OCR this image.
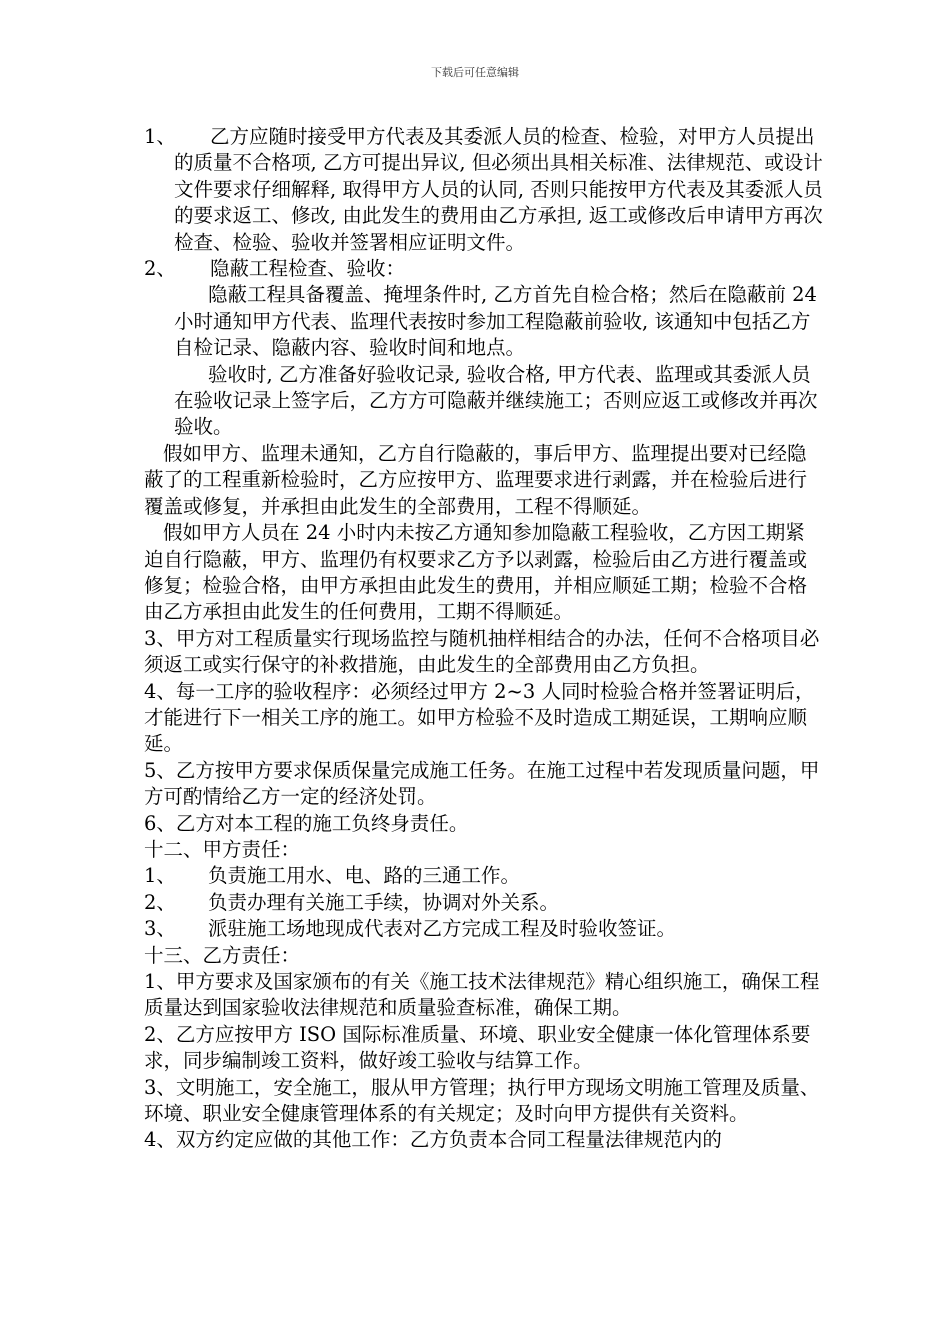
下载后可任意编辑

1、 乙方应随时接受甲方代表及其委派人员的检查、检验，对甲方人员提出的质量不合格项, 乙方可提出异议, 但必须出具相关标准、法律规范、或设计文件要求仔细解释, 取得甲方人员的认同, 否则只能按甲方代表及其委派人员的要求返工、修改, 由此发生的费用由乙方承担, 返工或修改后申请甲方再次检查、检验、验收并签署相应证明文件。

2、 隐蔽工程检查、验收：

隐蔽工程具备覆盖、掩埋条件时, 乙方首先自检合格；然后在隐蔽前 24 小时通知甲方代表、监理代表按时参加工程隐蔽前验收, 该通知中包括乙方自检记录、隐蔽内容、验收时间和地点。

验收时, 乙方准备好验收记录, 验收合格, 甲方代表、监理或其委派人员在验收记录上签字后，乙方方可隐蔽并继续施工；否则应返工或修改并再次验收。

假如甲方、监理未通知，乙方自行隐蔽的，事后甲方、监理提出要对已经隐蔽了的工程重新检验时，乙方应按甲方、监理要求进行剥露，并在检验后进行覆盖或修复，并承担由此发生的全部费用，工程不得顺延。

假如甲方人员在 24 小时内未按乙方通知参加隐蔽工程验收，乙方因工期紧迫自行隐蔽，甲方、监理仍有权要求乙方予以剥露，检验后由乙方进行覆盖或修复；检验合格，由甲方承担由此发生的费用，并相应顺延工期；检验不合格由乙方承担由此发生的任何费用，工期不得顺延。

3、甲方对工程质量实行现场监控与随机抽样相结合的办法，任何不合格项目必须返工或实行保守的补救措施，由此发生的全部费用由乙方负担。

4、每一工序的验收程序：必须经过甲方 2~3 人同时检验合格并签署证明后，才能进行下一相关工序的施工。如甲方检验不及时造成工期延误，工期响应顺延。

5、乙方按甲方要求保质保量完成施工任务。在施工过程中若发现质量问题，甲方可酌情给乙方一定的经济处罚。

6、乙方对本工程的施工负终身责任。

十二、甲方责任：

1、 负责施工用水、电、路的三通工作。

2、 负责办理有关施工手续，协调对外关系。

3、 派驻施工场地现成代表对乙方完成工程及时验收签证。

十三、乙方责任：

1、甲方要求及国家颁布的有关《施工技术法律规范》精心组织施工，确保工程质量达到国家验收法律规范和质量验查标准，确保工期。

2、乙方应按甲方 ISO 国际标准质量、环境、职业安全健康一体化管理体系要求，同步编制竣工资料，做好竣工验收与结算工作。

3、文明施工，安全施工，服从甲方管理；执行甲方现场文明施工管理及质量、环境、职业安全健康管理体系的有关规定；及时向甲方提供有关资料。

4、双方约定应做的其他工作：乙方负责本合同工程量法律规范内的
